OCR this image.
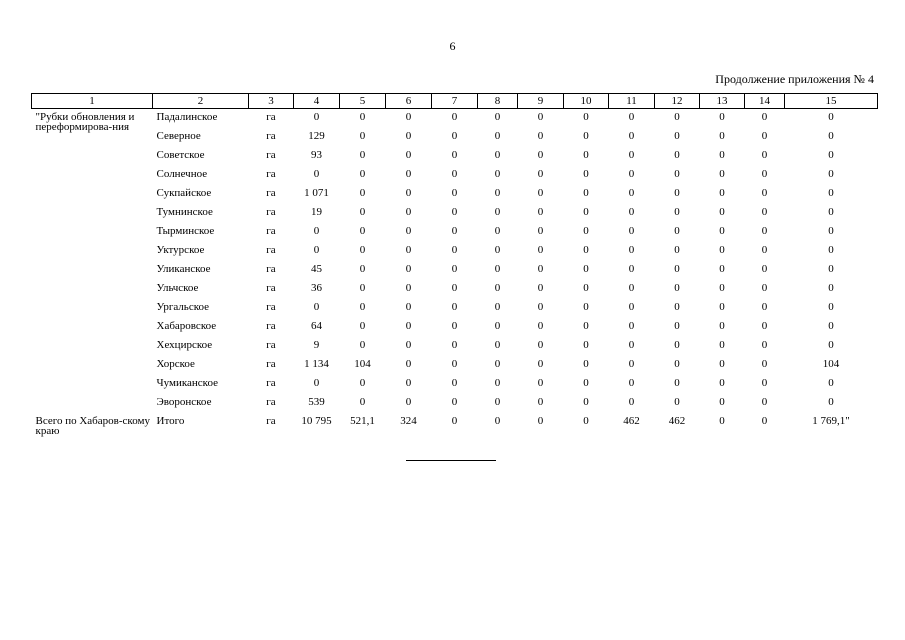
6
Продолжение приложения № 4
1	2	3	4	5	6	7	8	9	10	11	12	13	14	15
"Рубки обновления и переформирова-ния	Падалинское	га	0	0	0	0	0	0	0	0	0	0	0	0
	Северное	га	129	0	0	0	0	0	0	0	0	0	0	0
	Советское	га	93	0	0	0	0	0	0	0	0	0	0	0
	Солнечное	га	0	0	0	0	0	0	0	0	0	0	0	0
	Сукпайское	га	1 071	0	0	0	0	0	0	0	0	0	0	0
	Тумнинское	га	19	0	0	0	0	0	0	0	0	0	0	0
	Тырминское	га	0	0	0	0	0	0	0	0	0	0	0	0
	Уктурское	га	0	0	0	0	0	0	0	0	0	0	0	0
	Уликанское	га	45	0	0	0	0	0	0	0	0	0	0	0
	Ульчское	га	36	0	0	0	0	0	0	0	0	0	0	0
	Ургальское	га	0	0	0	0	0	0	0	0	0	0	0	0
	Хабаровское	га	64	0	0	0	0	0	0	0	0	0	0	0
	Хехцирское	га	9	0	0	0	0	0	0	0	0	0	0	0
	Хорское	га	1 134	104	0	0	0	0	0	0	0	0	0	104
	Чумиканское	га	0	0	0	0	0	0	0	0	0	0	0	0
	Эворонское	га	539	0	0	0	0	0	0	0	0	0	0	0
Всего по Хабаров-скому краю	Итого	га	10 795	521,1	324	0	0	0	0	462	462	0	0	1 769,1"
